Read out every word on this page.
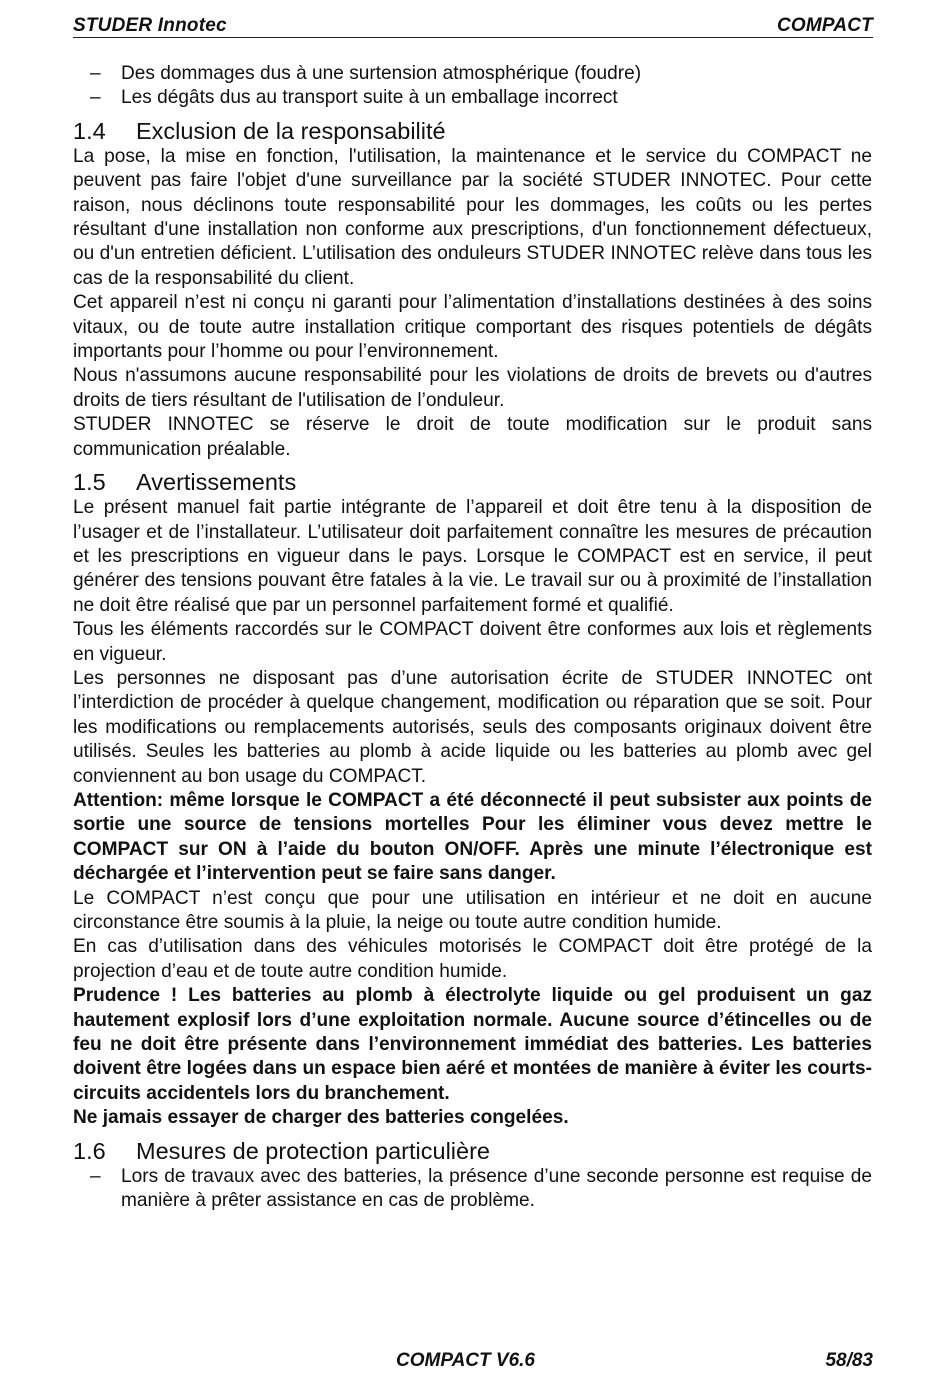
STUDER Innotec	COMPACT
– Des dommages dus à une surtension atmosphérique (foudre)
– Les dégâts dus au transport suite à un emballage incorrect
1.4 Exclusion de la responsabilité

La pose, la mise en fonction, l'utilisation, la maintenance et le service du COMPACT ne peuvent pas faire l'objet d'une surveillance par la société STUDER INNOTEC. Pour cette raison, nous déclinons toute responsabilité pour les dommages, les coûts ou les pertes résultant d'une installation non conforme aux prescriptions, d'un fonctionnement défectueux, ou d'un entretien déficient. L’utilisation des onduleurs STUDER INNOTEC relève dans tous les cas de la responsabilité du client.

Cet appareil n’est ni conçu ni garanti pour l’alimentation d’installations destinées à des soins vitaux, ou de toute autre installation critique comportant des risques potentiels de dégâts importants pour l’homme ou pour l’environnement.

Nous n'assumons aucune responsabilité pour les violations de droits de brevets ou d'autres droits de tiers résultant de l'utilisation de l’onduleur.

STUDER INNOTEC se réserve le droit de toute modification sur le produit sans communication préalable.

1.5 Avertissements

Le présent manuel fait partie intégrante de l’appareil et doit être tenu à la disposition de l’usager et de l’installateur. L’utilisateur doit parfaitement connaître les mesures de précaution et les prescriptions en vigueur dans le pays. Lorsque le COMPACT est en service, il peut générer des tensions pouvant être fatales à la vie. Le travail sur ou à proximité de l’installation ne doit être réalisé que par un personnel parfaitement formé et qualifié.

Tous les éléments raccordés sur le COMPACT doivent être conformes aux lois et règlements en vigueur.

Les personnes ne disposant pas d’une autorisation écrite de STUDER INNOTEC ont l’interdiction de procéder à quelque changement, modification ou réparation que se soit. Pour les modifications ou remplacements autorisés, seuls des composants originaux doivent être utilisés. Seules les batteries au plomb à acide liquide ou les batteries au plomb avec gel conviennent au bon usage du COMPACT.

Attention: même lorsque le COMPACT a été déconnecté il peut subsister aux points de sortie une source de tensions mortelles Pour les éliminer vous devez mettre le COMPACT sur ON à l’aide du bouton ON/OFF. Après une minute l’électronique est déchargée et l’intervention peut se faire sans danger.

Le COMPACT n’est conçu que pour une utilisation en intérieur et ne doit en aucune circonstance être soumis à la pluie, la neige ou toute autre condition humide.

En cas d’utilisation dans des véhicules motorisés le COMPACT doit être protégé de la projection d’eau et de toute autre condition humide.

Prudence ! Les batteries au plomb à électrolyte liquide ou gel produisent un gaz hautement explosif lors d’une exploitation normale. Aucune source d’étincelles ou de feu ne doit être présente dans l’environnement immédiat des batteries. Les batteries doivent être logées dans un espace bien aéré et montées de manière à éviter les courts-circuits accidentels lors du branchement.

Ne jamais essayer de charger des batteries congelées.

1.6 Mesures de protection particulière
– Lors de travaux avec des batteries, la présence d’une seconde personne est requise de manière à prêter assistance en cas de problème.
COMPACT V6.6	58/83
